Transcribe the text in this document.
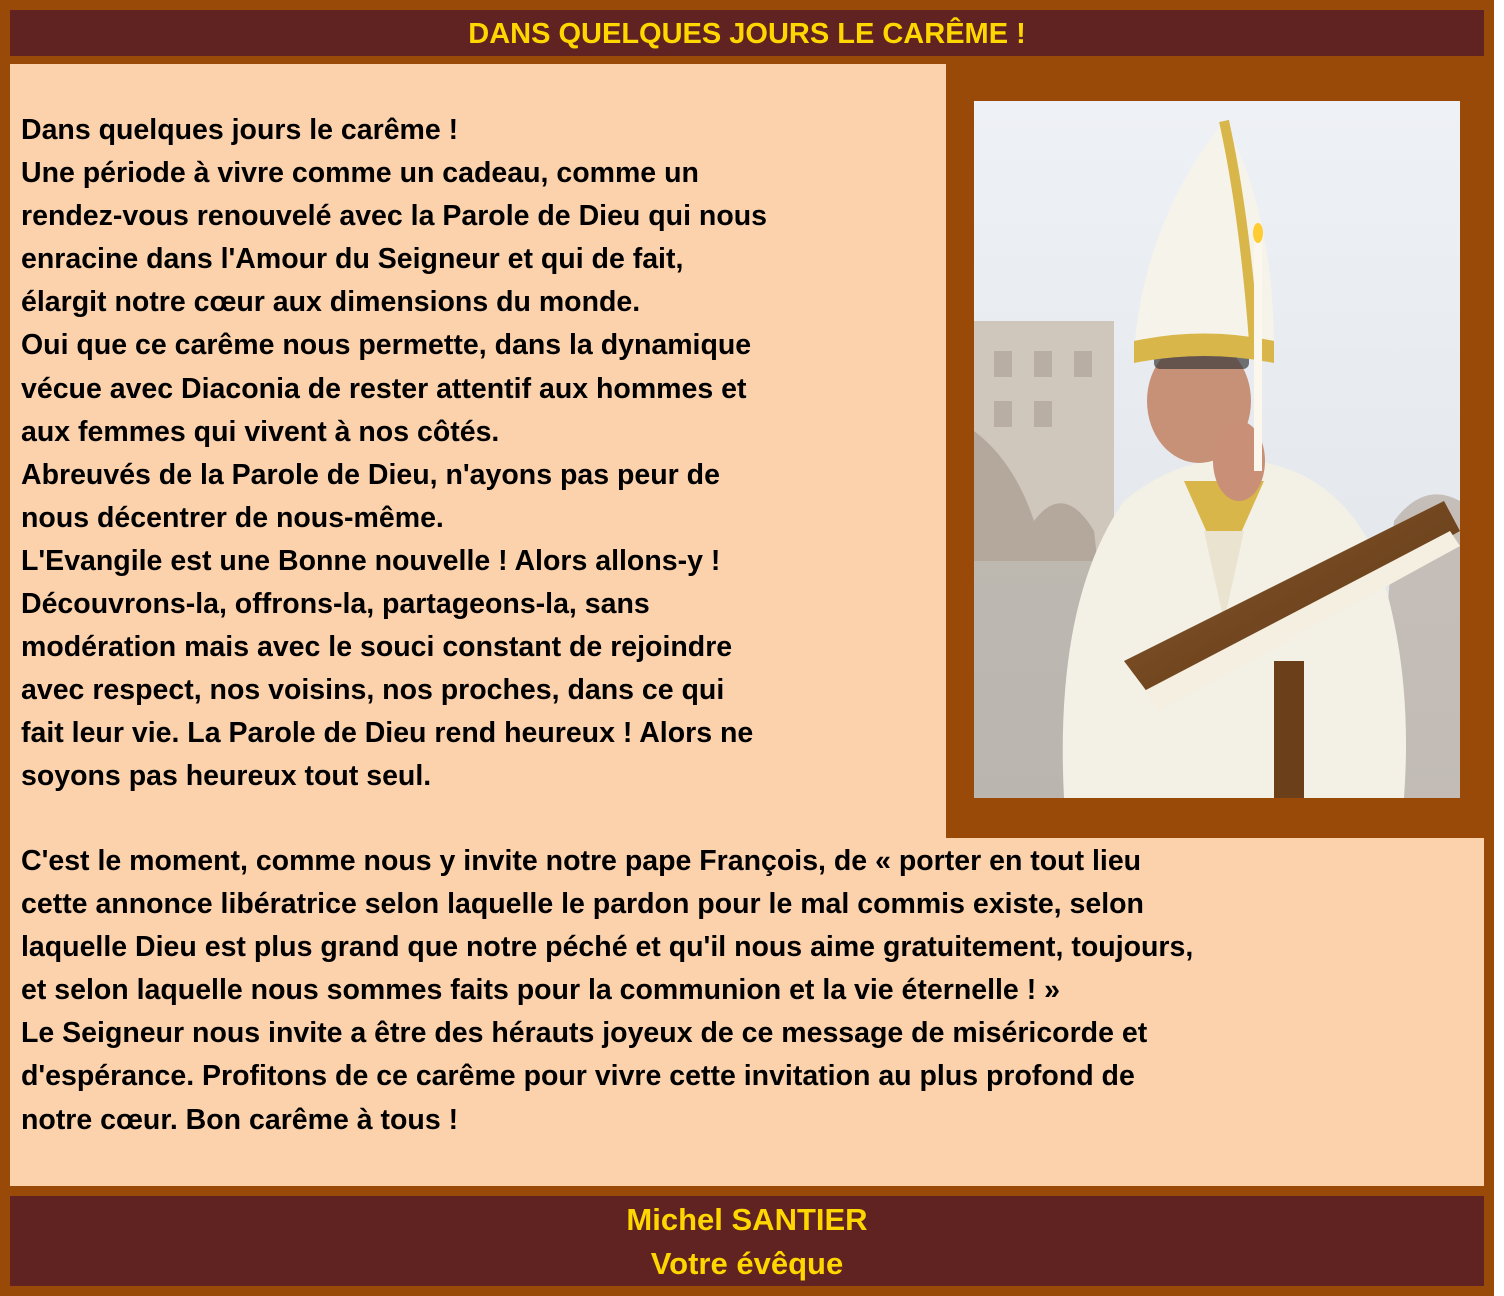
DANS QUELQUES JOURS LE CARÊME !

Dans quelques jours le carême !
Une période à vivre comme un cadeau, comme un
rendez-vous renouvelé avec la Parole de Dieu qui nous
enracine dans l'Amour du Seigneur et qui de fait,
élargit notre cœur aux dimensions du monde.
Oui que ce carême nous permette, dans la dynamique
vécue avec Diaconia de rester attentif aux hommes et
aux femmes qui vivent à nos côtés.
Abreuvés de la Parole de Dieu, n'ayons pas peur de
nous décentrer de nous-même.
L'Evangile est une Bonne nouvelle ! Alors allons-y !
Découvrons-la, offrons-la, partageons-la, sans
modération mais avec le souci constant de rejoindre
avec respect, nos voisins, nos proches, dans ce qui
fait leur vie. La Parole de Dieu rend heureux ! Alors ne
soyons pas heureux tout seul.

C'est le moment, comme nous y invite notre pape François, de « porter en tout lieu
cette annonce libératrice selon laquelle le pardon pour le mal commis existe, selon
laquelle Dieu est plus grand que notre péché et qu'il nous aime gratuitement, toujours,
et selon laquelle nous sommes faits pour la communion et la vie éternelle ! »
Le Seigneur nous invite a être des hérauts joyeux de ce message de miséricorde et
d'espérance. Profitons de ce carême pour vivre cette invitation au plus profond de
notre cœur. Bon carême à tous !

Michel SANTIER
Votre évêque
